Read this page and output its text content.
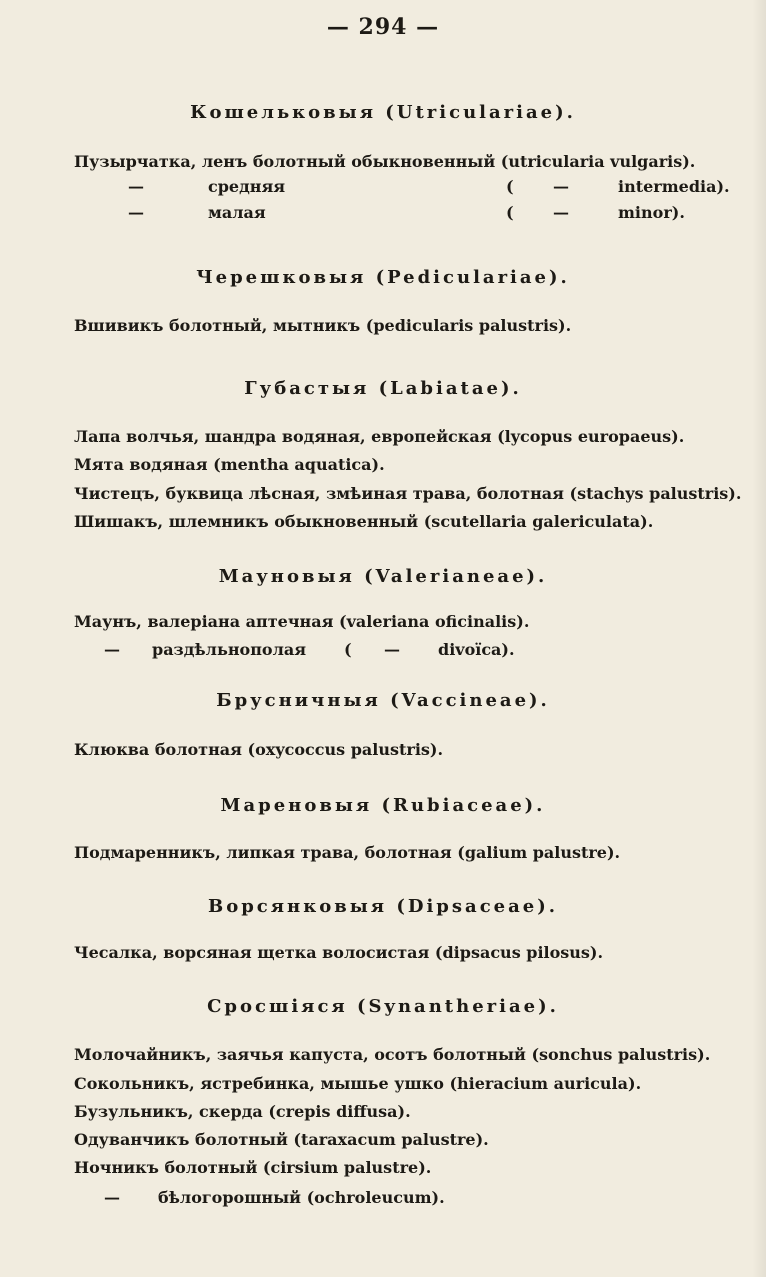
— 294 —
Кошельковыя (Utriculariae).
Пузырчатка, ленъ болотный обыкновенный (utricularia vulgaris).
—	средняя	( —	intermedia).
—	малая	( —	minor).
Черешковыя (Pediculariae).
Вшивикъ болотный, мытникъ (pedicularis palustris).
Губастыя (Labiatae).
Лапа волчья, шандра водяная, европейская (lycopus europaeus).
Мята водяная (mentha aquatica).
Чистецъ, буквица лѣсная, змѣиная трава, болотная (stachys palustris).
Шишакъ, шлемникъ обыкновенный (scutellaria galericulata).
Мауновыя (Valerianeae).
Маунъ, валеріана аптечная (valeriana oficinalis).
— раздѣльнополая ( — divoïca).
Брусничныя (Vaccineae).
Клюква болотная (oxycoccus palustris).
Мареновыя (Rubiaceae).
Подмаренникъ, липкая трава, болотная (galium palustre).
Ворсянковыя (Dipsaceae).
Чесалка, ворсяная щетка волосистая (dipsacus pilosus).
Сросшіяся (Synantheriae).
Молочайникъ, заячья капуста, осотъ болотный (sonchus palustris).
Сокольникъ, ястребинка, мышье ушко (hieracium auricula).
Бузульникъ, скерда (crepis diffusa).
Одуванчикъ болотный (taraxacum palustre).
Ночникъ болотный (cirsium palustre).
— бѣлогорошный (ochroleucum).
